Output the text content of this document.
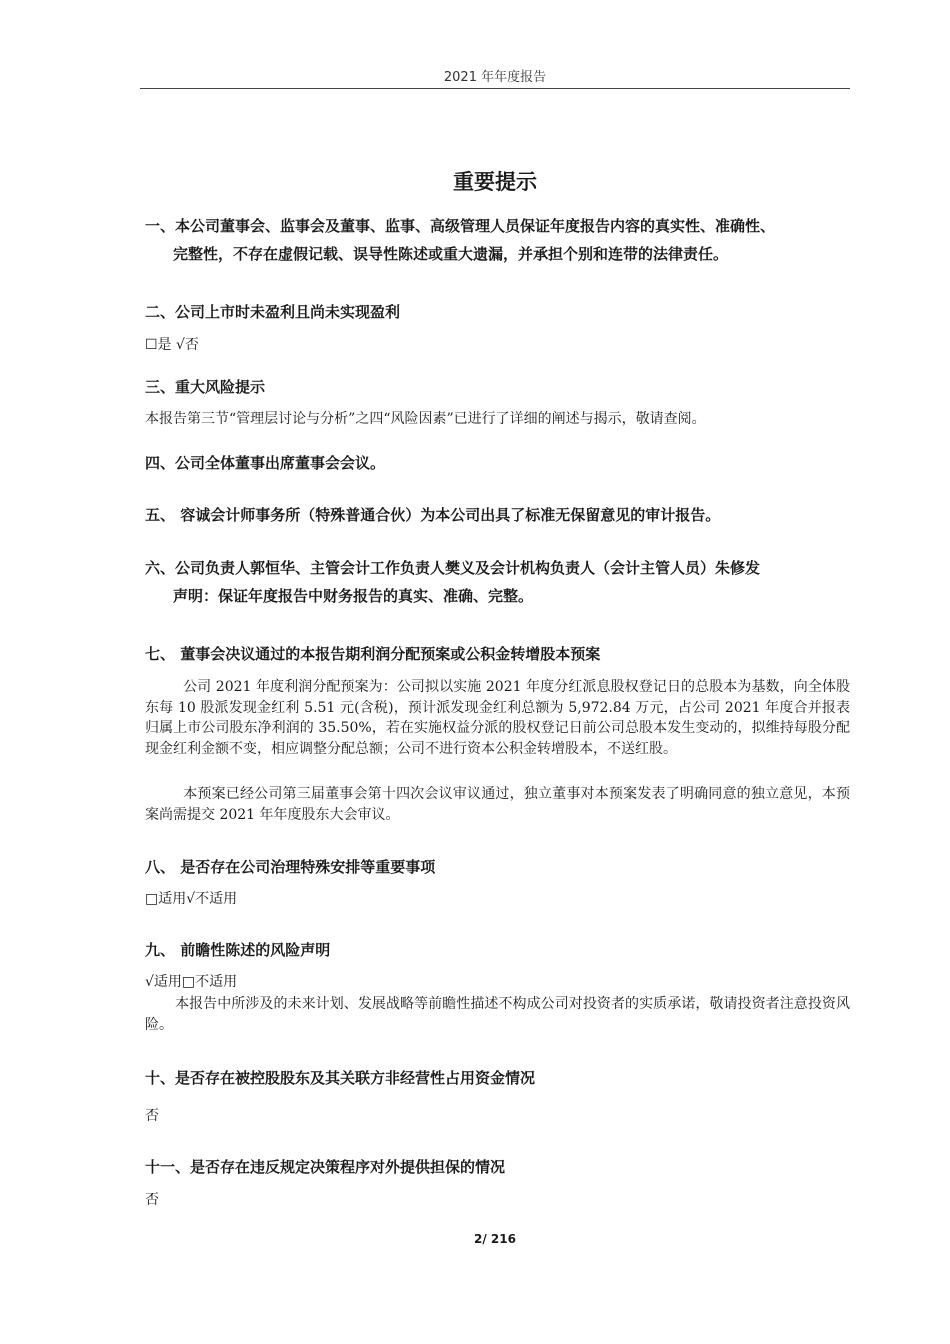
2021 年年度报告
重要提示
一、本公司董事会、监事会及董事、监事、高级管理人员保证年度报告内容的真实性、准确性、

完整性，不存在虚假记载、误导性陈述或重大遗漏，并承担个别和连带的法律责任。
二、公司上市时未盈利且尚未实现盈利
☐是 √否
三、重大风险提示
本报告第三节“管理层讨论与分析”之四“风险因素”已进行了详细的阐述与揭示，敬请查阅。
四、公司全体董事出席董事会会议。
五、 容诚会计师事务所（特殊普通合伙）为本公司出具了标准无保留意见的审计报告。
六、公司负责人郭恒华、主管会计工作负责人樊义及会计机构负责人（会计主管人员）朱修发

声明：保证年度报告中财务报告的真实、准确、完整。
七、 董事会决议通过的本报告期利润分配预案或公积金转增股本预案
公司 2021 年度利润分配预案为：公司拟以实施 2021 年度分红派息股权登记日的总股本为基数，向全体股东每 10 股派发现金红利 5.51 元(含税)，预计派发现金红利总额为 5,972.84 万元，占公司 2021 年度合并报表归属上市公司股东净利润的 35.50%，若在实施权益分派的股权登记日前公司总股本发生变动的，拟维持每股分配现金红利金额不变，相应调整分配总额；公司不进行资本公积金转增股本，不送红股。
本预案已经公司第三届董事会第十四次会议审议通过，独立董事对本预案发表了明确同意的独立意见，本预案尚需提交 2021 年年度股东大会审议。
八、 是否存在公司治理特殊安排等重要事项
□适用√不适用
九、 前瞻性陈述的风险声明
√适用□不适用
本报告中所涉及的未来计划、发展战略等前瞻性描述不构成公司对投资者的实质承诺，敬请投资者注意投资风险。
十、是否存在被控股股东及其关联方非经营性占用资金情况
否
十一、是否存在违反规定决策程序对外提供担保的情况
否
2/ 216
